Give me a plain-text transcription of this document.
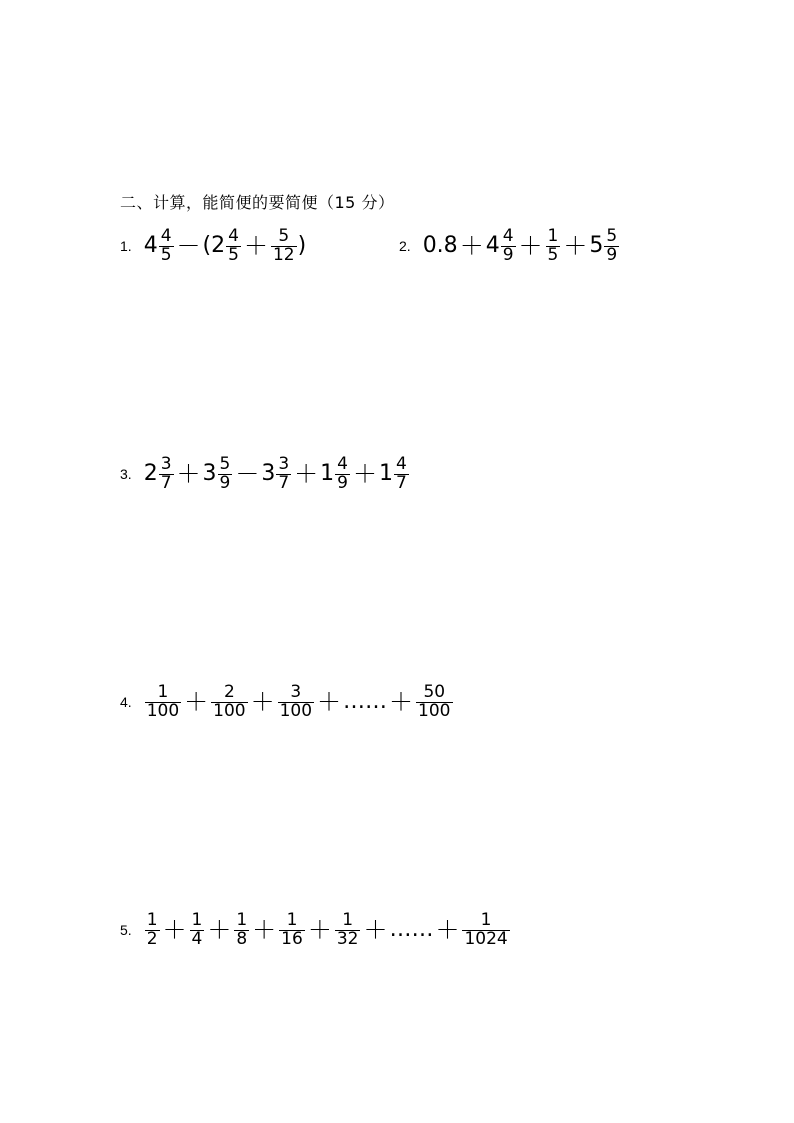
二、计算，能简便的要简便（15 分）
1. $4 \frac{4}{5} - (2 \frac{4}{5} + \frac{5}{12}$ )	2. $0.8 + 4 \frac{4}{9} + \frac{1}{5} + 5 \frac{5}{9}$
3. $2 \frac{3}{7} + 3 \frac{5}{9} - 3 \frac{3}{7} + 1 \frac{4}{9} + 1 \frac{4}{7}$
4. $\frac{1}{100} + \frac{2}{100} + \frac{3}{100}$ ＋ …… ＋ $\frac{50}{100}$
5. $\frac{1}{2} + \frac{1}{4} + \frac{1}{8} + \frac{1}{16} + \frac{1}{32}$ ＋ …… ＋ $\frac{1}{1024}$
